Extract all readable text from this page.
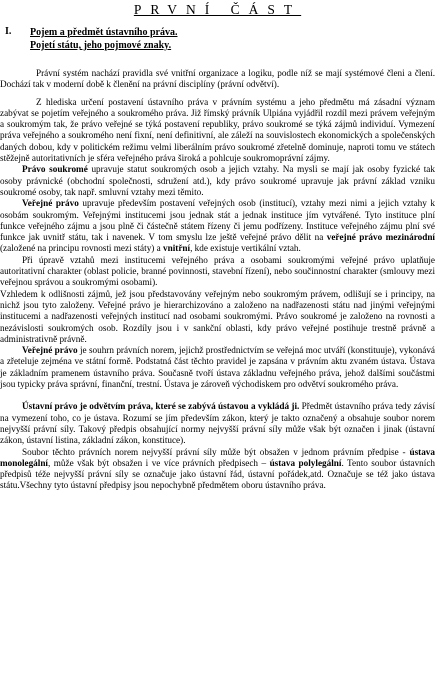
PRVNÍ ČÁST
I. Pojem a předmět ústavního práva.
Pojetí státu, jeho pojmové znaky.

Právní systém nachází pravidla své vnitřní organizace a logiku, podle níž se mají systémové členi a člení. Dochází tak v moderní době k členění na právní disciplíny (právní odvětví).

Z hlediska určení postavení ústavního práva v právním systému a jeho předmětu má zásadní význam zabývat se pojetím veřejného a soukromého práva. Již římský právník Ulpiána vyjádřil rozdíl mezi právem veřejným a soukromým tak, že právo veřejné se týká postavení republiky, právo soukromé se týká zájmů individuí. Vymezení práva veřejného a soukromého není fixní, není definitivní, ale záleží na souvislostech ekonomických a společenských daných dobou, kdy v politickém režimu velmi liberálním právo soukromé zřetelně dominuje, naproti tomu ve státech stěžejně autoritativních je sféra veřejného práva široká a pohlcuje soukromoprávní zájmy.

Právo soukromé upravuje statut soukromých osob a jejich vztahy. Na mysli se mají jak osoby fyzické tak osoby právnické (obchodní společnosti, sdružení atd.), kdy právo soukromé upravuje jak právní základ vzniku soukromé osoby, tak např. smluvní vztahy mezi těmito.

Veřejné právo upravuje především postavení veřejných osob (institucí), vztahy mezi nimi a jejich vztahy k osobám soukromým. Veřejnými institucemi jsou jednak stát a jednak instituce jím vytvářené. Tyto instituce plní funkce veřejného zájmu a jsou plně či částečně státem řízeny či jemu podřízeny. Instituce veřejného zájmu plní své funkce jak uvnitř státu, tak i navenek. V tom smyslu lze ještě veřejné právo dělit na veřejné právo mezinárodní (založené na principu rovnosti mezi státy) a vnitřní, kde existuje vertikální vztah.

Při úpravě vztahů mezi institucemi veřejného práva a osobami soukromými veřejné právo uplatňuje autoritativní charakter (oblast policie, branné povinnosti, stavební řízení), nebo součinnostní charakter (smlouvy mezi veřejnou správou a soukromými osobami).

Vzhledem k odlišnosti zájmů, jež jsou představovány veřejným nebo soukromým právem, odlišují se i principy, na nichž jsou tyto založeny. Veřejné právo je hierarchizováno a založeno na nadřazenosti státu nad jinými veřejnými institucemi a nadřazenosti veřejných institucí nad osobami soukromými. Právo soukromé je založeno na rovnosti a nezávislosti soukromých osob. Rozdíly jsou i v sankční oblasti, kdy právo veřejné postihuje trestně právně a administrativně právně.

Veřejné právo je souhrn právních norem, jejichž prostřednictvím se veřejná moc utváří (konstituuje), vykonává a zřeteluje zejména ve státní formě. Podstatná část těchto pravidel je zapsána v právním aktu zvaném ústava. Ústava je základním pramenem ústavního práva. Současně tvoří ústava základnu veřejného práva, jehož dalšími součástmi jsou typicky práva správní, finanční, trestní. Ústava je zároveň východiskem pro odvětví soukromého práva.

Ústavní právo je odvětvím práva, které se zabývá ústavou a vykládá ji. Předmět ústavního práva tedy závisí na vymezení toho, co je ústava. Rozumí se jím především zákon, který je takto označený a obsahuje soubor norem nejvyšší právní síly. Takový předpis obsahující normy nejvyšší právní síly může však být označen i jinak (ústavní zákon, ústavní listina, základní zákon, konstituce).

Soubor těchto právních norem nejvyšší právní síly může být obsažen v jednom právním předpise - ústava monolegální, může však být obsažen i ve více právních předpisech – ústava polylegální. Tento soubor ústavních předpisů téže nejvyšší právní síly se označuje jako ústavní řád, ústavní pořádek,atd. Označuje se též jako ústava státu.Všechny tyto ústavní předpisy jsou nepochybně předmětem oboru ústavního práva.
